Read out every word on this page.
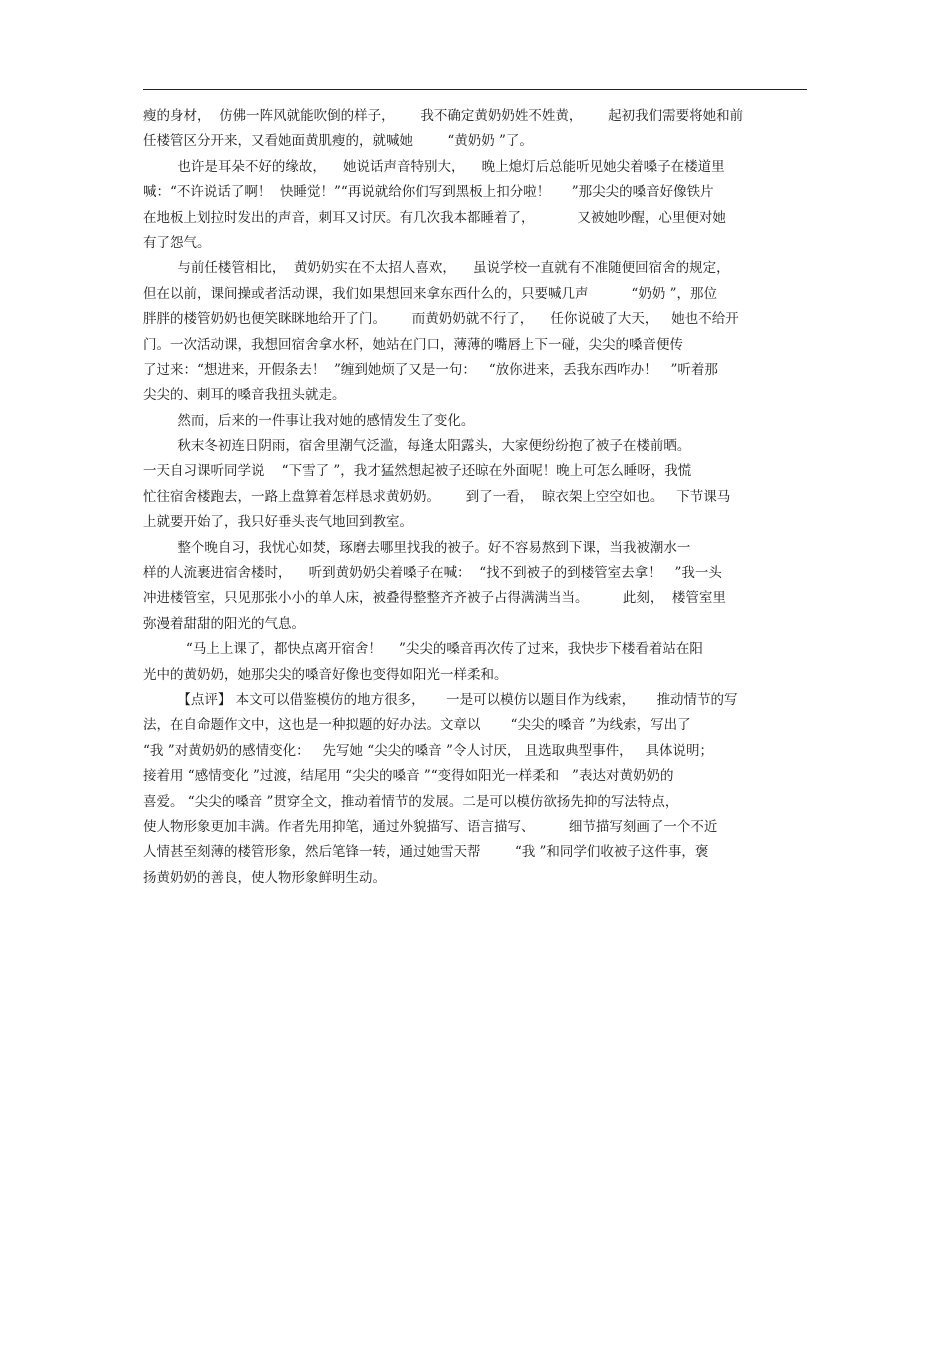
瘦的身材，  仿佛一阵风就能吹倒的样子，      我不确定黄奶奶姓不姓黄，      起初我们需要将她和前
任楼管区分开来，又看她面黄肌瘦的，就喊她        “黄奶奶 ”了。
也许是耳朵不好的缘故，    她说话声音特别大，    晚上熄灯后总能听见她尖着嗓子在楼道里
喊：“不许说话了啊！  快睡觉！”“再说就给你们写到黑板上扣分啦！     ”那尖尖的嗓音好像铁片
在地板上划拉时发出的声音，刺耳又讨厌。有几次我本都睡着了，          又被她吵醒，心里便对她
有了怨气。
与前任楼管相比，  黄奶奶实在不太招人喜欢，    虽说学校一直就有不准随便回宿舍的规定，
但在以前，课间操或者活动课，我们如果想回来拿东西什么的，只要喊几声          “奶奶 ”，那位
胖胖的楼管奶奶也便笑眯眯地给开了门。      而黄奶奶就不行了，    任你说破了大天，   她也不给开
门。一次活动课，我想回宿舍拿水杯，她站在门口，薄薄的嘴唇上下一碰，尖尖的嗓音便传
了过来：“想进来，开假条去！  ”缠到她烦了又是一句：   “放你进来，丢我东西咋办！   ”听着那
尖尖的、刺耳的嗓音我扭头就走。
然而，后来的一件事让我对她的感情发生了变化。
秋末冬初连日阴雨，宿舍里潮气泛滥，每逢太阳露头，大家便纷纷抱了被子在楼前晒。
一天自习课听同学说    “下雪了 ”，我才猛然想起被子还晾在外面呢！晚上可怎么睡呀，我慌
忙往宿舍楼跑去，一路上盘算着怎样恳求黄奶奶。      到了一看，  晾衣架上空空如也。   下节课马
上就要开始了，我只好垂头丧气地回到教室。
整个晚自习，我忧心如焚，琢磨去哪里找我的被子。好不容易熬到下课，当我被潮水一
样的人流裹进宿舍楼时，    听到黄奶奶尖着嗓子在喊：  “找不到被子的到楼管室去拿！   ”我一头
冲进楼管室，只见那张小小的单人床，被叠得整整齐齐被子占得满满当当。        此刻，  楼管室里
弥漫着甜甜的阳光的气息。
“马上上课了，都快点离开宿舍！    ”尖尖的嗓音再次传了过来，我快步下楼看着站在阳
光中的黄奶奶，她那尖尖的嗓音好像也变得如阳光一样柔和。
【点评】 本文可以借鉴模仿的地方很多，     一是可以模仿以题目作为线索，     推动情节的写
法，在自命题作文中，这也是一种拟题的好办法。文章以       “尖尖的嗓音 ”为线索，写出了
“我 ”对黄奶奶的感情变化：   先写她 “尖尖的嗓音 ”令人讨厌， 且选取典型事件，   具体说明；
接着用 “感情变化 ”过渡，结尾用 “尖尖的嗓音 ”“变得如阳光一样柔和   ”表达对黄奶奶的
喜爱。 “尖尖的嗓音 ”贯穿全文，推动着情节的发展。二是可以模仿欲扬先抑的写法特点，
使人物形象更加丰满。作者先用抑笔，通过外貌描写、语言描写、        细节描写刻画了一个不近
人情甚至刻薄的楼管形象，然后笔锋一转，通过她雪天帮        “我 ”和同学们收被子这件事，褒
扬黄奶奶的善良，使人物形象鲜明生动。
